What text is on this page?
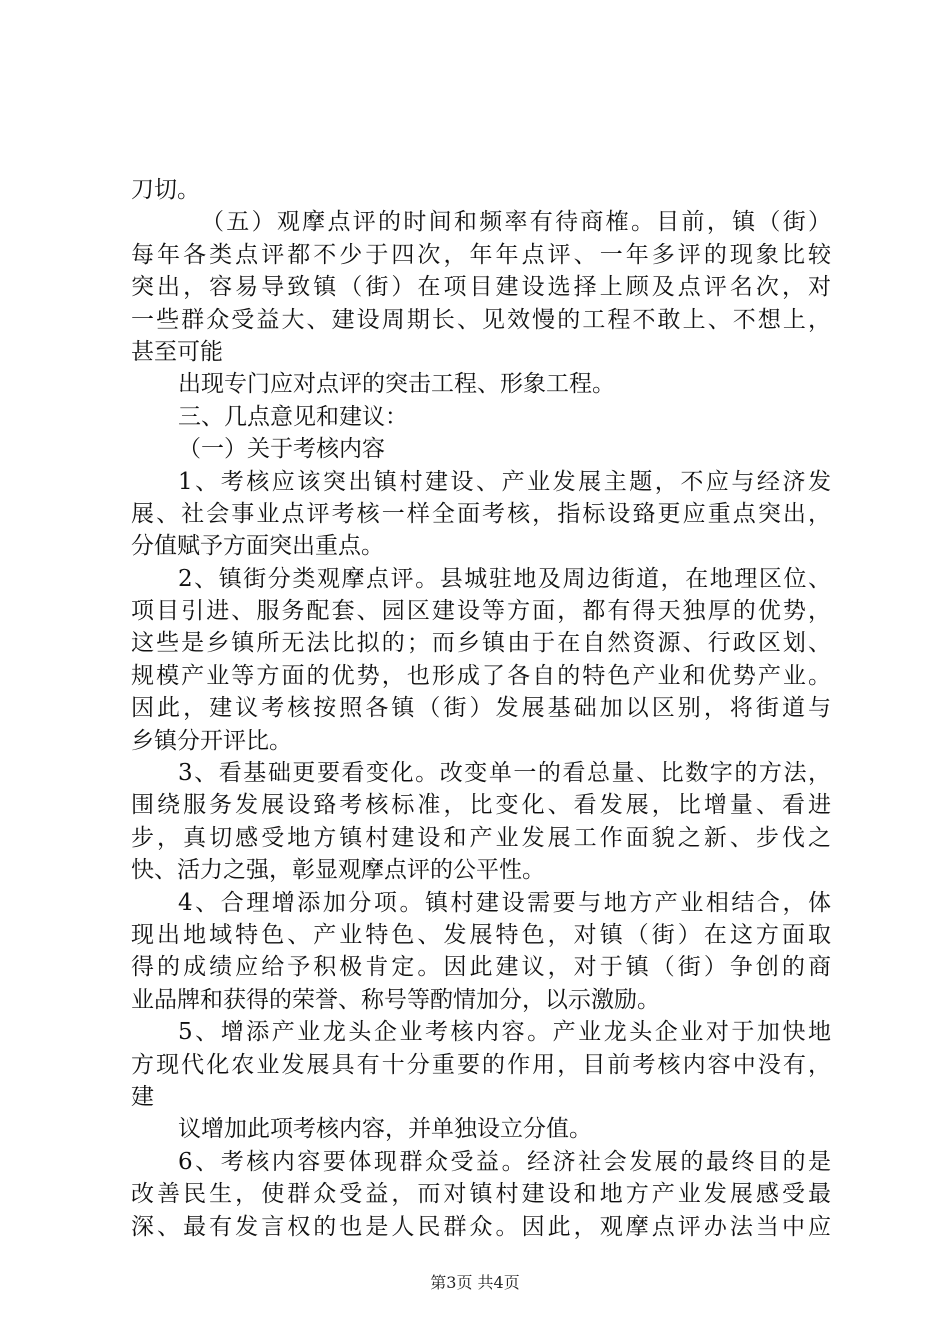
刀切。
（五）观摩点评的时间和频率有待商榷。目前，镇（街）
每年各类点评都不少于四次，年年点评、一年多评的现象比较
突出，容易导致镇（街）在项目建设选择上顾及点评名次，对
一些群众受益大、建设周期长、见效慢的工程不敢上、不想上，
甚至可能
出现专门应对点评的突击工程、形象工程。
三、几点意见和建议：
（一）关于考核内容
1、考核应该突出镇村建设、产业发展主题，不应与经济发
展、社会事业点评考核一样全面考核，指标设臵更应重点突出，
分值赋予方面突出重点。
2、镇街分类观摩点评。县城驻地及周边街道，在地理区位、
项目引进、服务配套、园区建设等方面，都有得天独厚的优势，
这些是乡镇所无法比拟的；而乡镇由于在自然资源、行政区划、
规模产业等方面的优势，也形成了各自的特色产业和优势产业。
因此，建议考核按照各镇（街）发展基础加以区别，将街道与
乡镇分开评比。
3、看基础更要看变化。改变单一的看总量、比数字的方法，
围绕服务发展设臵考核标准，比变化、看发展，比增量、看进
步，真切感受地方镇村建设和产业发展工作面貌之新、步伐之
快、活力之强，彰显观摩点评的公平性。
4、合理增添加分项。镇村建设需要与地方产业相结合，体
现出地域特色、产业特色、发展特色，对镇（街）在这方面取
得的成绩应给予积极肯定。因此建议，对于镇（街）争创的商
业品牌和获得的荣誉、称号等酌情加分，以示激励。
5、增添产业龙头企业考核内容。产业龙头企业对于加快地
方现代化农业发展具有十分重要的作用，目前考核内容中没有，
建
议增加此项考核内容，并单独设立分值。
6、考核内容要体现群众受益。经济社会发展的最终目的是
改善民生，使群众受益，而对镇村建设和地方产业发展感受最
深、最有发言权的也是人民群众。因此，观摩点评办法当中应
第3页 共4页
